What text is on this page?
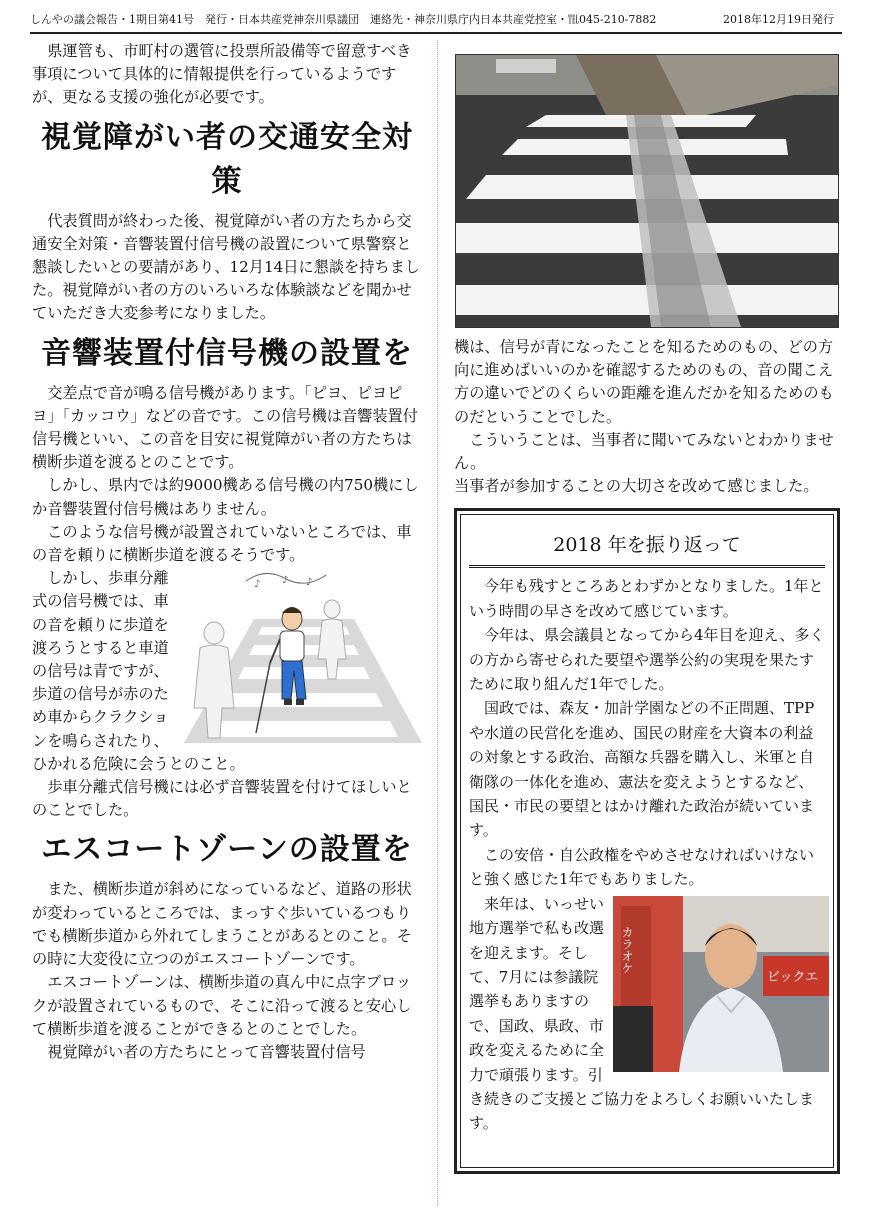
しんやの議会報告・1期目第41号　発行・日本共産党神奈川県議団　連絡先・神奈川県庁内日本共産党控室・℡045-210-7882	2018年12月19日発行

県運管も、市町村の選管に投票所設備等で留意すべき事項について具体的に情報提供を行っているようですが、更なる支援の強化が必要です。

視覚障がい者の交通安全対策

代表質問が終わった後、視覚障がい者の方たちから交通安全対策・音響装置付信号機の設置について県警察と懇談したいとの要請があり、12月14日に懇談を持ちました。視覚障がい者の方のいろいろな体験談などを聞かせていただき大変参考になりました。

音響装置付信号機の設置を

交差点で音が鳴る信号機があります。「ピヨ、ピヨピヨ」「カッコウ」などの音です。この信号機は音響装置付信号機といい、この音を目安に視覚障がい者の方たちは横断歩道を渡るとのことです。

しかし、県内では約9000機ある信号機の内750機にしか音響装置付信号機はありません。

このような信号機が設置されていないところでは、車の音を頼りに横断歩道を渡るそうです。

♪ ♪ ♪

しかし、歩車分離式の信号機では、車の音を頼りに歩道を渡ろうとすると車道の信号は青ですが、歩道の信号が赤のため車からクラクションを鳴らされたり、ひかれる危険に会うとのこと。

歩車分離式信号機には必ず音響装置を付けてほしいとのことでした。

エスコートゾーンの設置を

また、横断歩道が斜めになっているなど、道路の形状が変わっているところでは、まっすぐ歩いているつもりでも横断歩道から外れてしまうことがあるとのこと。その時に大変役に立つのがエスコートゾーンです。

エスコートゾーンは、横断歩道の真ん中に点字ブロックが設置されているもので、そこに沿って渡ると安心して横断歩道を渡ることができるとのことでした。

視覚障がい者の方たちにとって音響装置付信号

機は、信号が青になったことを知るためのもの、どの方向に進めばいいのかを確認するためのもの、音の聞こえ方の違いでどのくらいの距離を進んだかを知るためのものだということでした。

こういうことは、当事者に聞いてみないとわかりません。

当事者が参加することの大切さを改めて感じました。

2018 年を振り返って

今年も残すところあとわずかとなりました。1年という時間の早さを改めて感じています。

今年は、県会議員となってから4年目を迎え、多くの方から寄せられた要望や選挙公約の実現を果たすために取り組んだ1年でした。

国政では、森友・加計学園などの不正問題、TPPや水道の民営化を進め、国民の財産を大資本の利益の対象とする政治、高額な兵器を購入し、米軍と自衛隊の一体化を進め、憲法を変えようとするなど、国民・市民の要望とはかけ離れた政治が続いています。

この安倍・自公政権をやめさせなければいけないと強く感じた1年でもありました。

カラオケ
ビックエ

来年は、いっせい地方選挙で私も改選を迎えます。そして、7月には参議院選挙もありますので、国政、県政、市政を変えるために全力で頑張ります。引き続きのご支援とご協力をよろしくお願いいたします。
